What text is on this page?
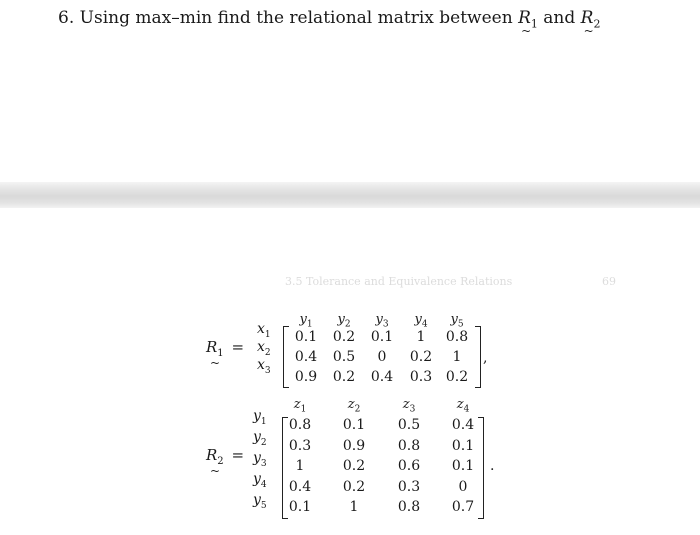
6. Using max–min find the relational matrix between $R_1$
~
and $R_2$
~
3.5 Tolerance and Equivalence Relations	69
$R_1$ =
~	,
$y_1$	$y_2$	$y_3$	$y_4$	$y_5$
$x_1$
$x_2$
$x_3$
0.1	0.2	0.1	1	0.8
0.4	0.5	0	0.2	1
0.9	0.2	0.4	0.3 0.2
$R_2$ =
~	.
$z_1$	$z_2$	$z_3$	$z_4$
$y_1$
$y_2$
$y_3$
$y_4$
$y_5$
0.8	0.1	0.5	0.4
0.3	0.9	0.8	0.1
1	0.2	0.6	0.1
0.4	0.2	0.3	0
0.1	1	0.8	0.7
